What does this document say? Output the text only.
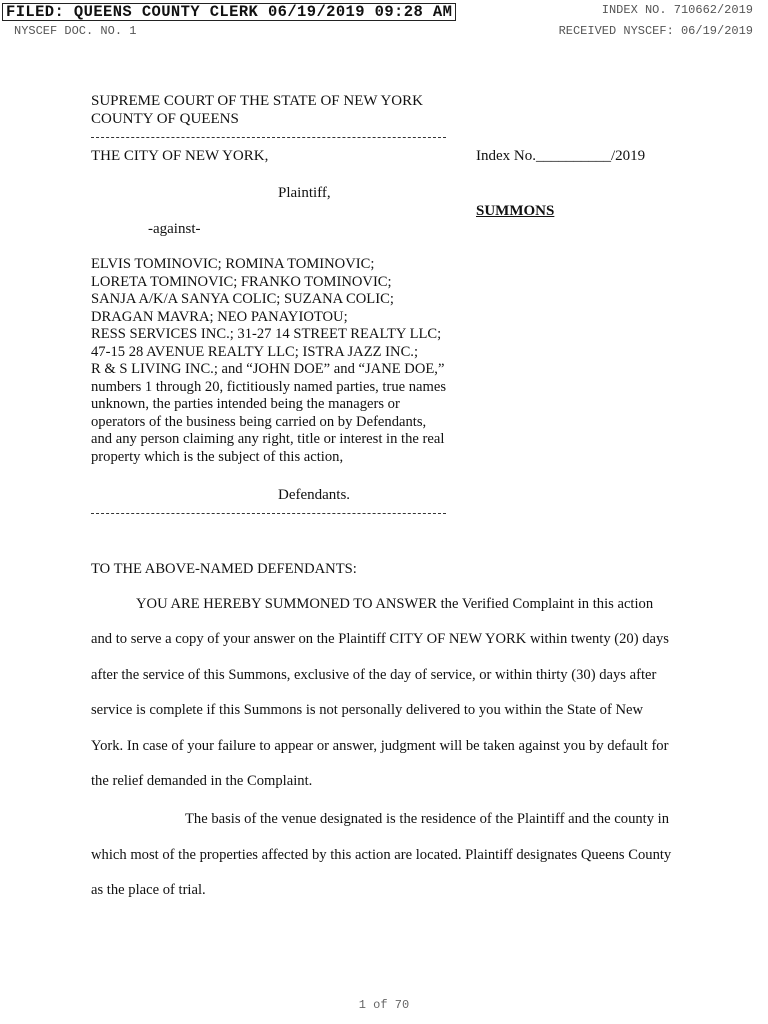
FILED: QUEENS COUNTY CLERK 06/19/2019 09:28 AM	INDEX NO. 710662/2019
NYSCEF DOC. NO. 1	RECEIVED NYSCEF: 06/19/2019
SUPREME COURT OF THE STATE OF NEW YORK
COUNTY OF QUEENS
THE CITY OF NEW YORK,	Index No.__________/2019
Plaintiff,
SUMMONS
-against-
ELVIS TOMINOVIC; ROMINA TOMINOVIC;
LORETA TOMINOVIC; FRANKO TOMINOVIC;
SANJA A/K/A SANYA COLIC; SUZANA COLIC;
DRAGAN MAVRA; NEO PANAYIOTOU;
RESS SERVICES INC.; 31-27 14 STREET REALTY LLC;
47-15 28 AVENUE REALTY LLC; ISTRA JAZZ INC.;
R & S LIVING INC.; and “JOHN DOE” and “JANE DOE,”
numbers 1 through 20, fictitiously named parties, true names
unknown, the parties intended being the managers or
operators of the business being carried on by Defendants,
and any person claiming any right, title or interest in the real
property which is the subject of this action,
Defendants.
TO THE ABOVE-NAMED DEFENDANTS:
YOU ARE HEREBY SUMMONED TO ANSWER the Verified Complaint in this action
and to serve a copy of your answer on the Plaintiff CITY OF NEW YORK within twenty (20) days
after the service of this Summons, exclusive of the day of service, or within thirty (30) days after
service is complete if this Summons is not personally delivered to you within the State of New
York. In case of your failure to appear or answer, judgment will be taken against you by default for
the relief demanded in the Complaint.
The basis of the venue designated is the residence of the Plaintiff and the county in
which most of the properties affected by this action are located. Plaintiff designates Queens County
as the place of trial.
1 of 70
